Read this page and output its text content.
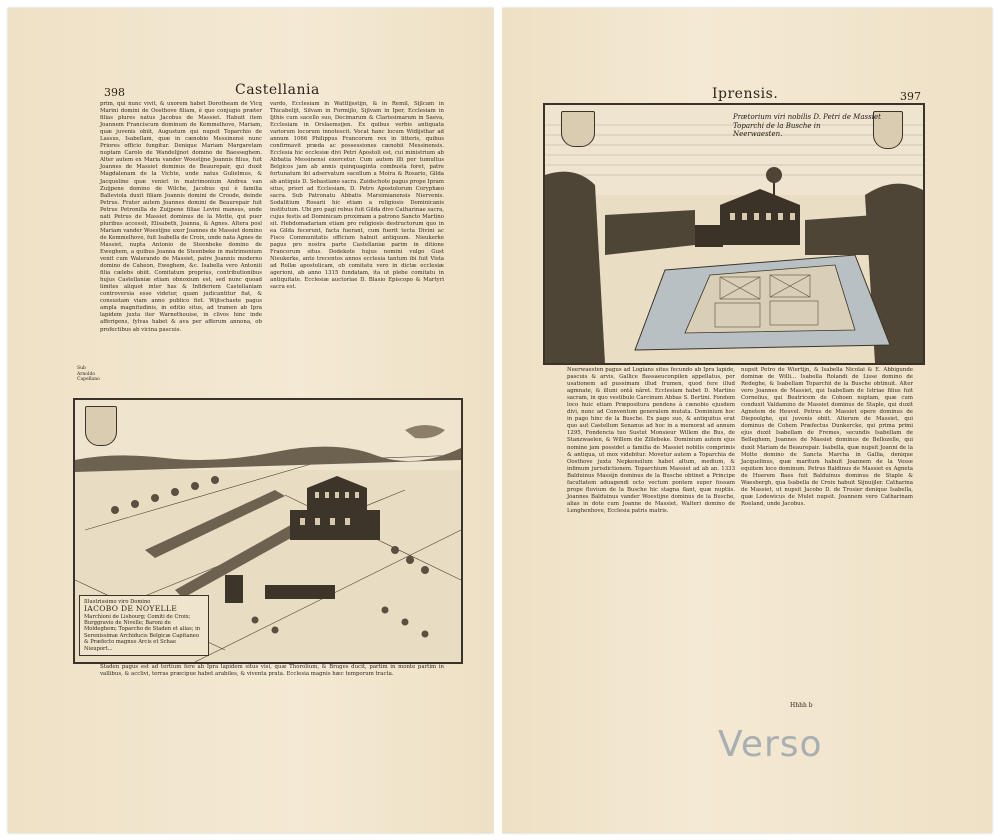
398	Castellania
prim, qui nunc vivit, & uxorem habet Dorotheam de Vicq Marini domini de Oosthove filiam, è quo conjugio præter filias plures natus Jacobus de Massiet. Habuit item Joannem Franciscum dominum de Kemmelhove, Mariam, quæ juvenis obiit, Augustum qui nupsit Toparchio de Lassus, Isabellam, quæ in cænobio Messinensi nunc Priores officio fungitur. Denique Mariam Margaretam nuptam Carolo de Wandelijnot domino de Baesseghem. Alter autem ex Maria vander Woestijne Joannis filius, fuit Joannes de Massiet dominus de Beaurepair, qui duxit Magdalenam de la Vichte, unde natus Gulielmus, & Jacqueline quæ veniet in matrimonium Andrea van Zuijpene domino de Wilche, Jacobus qui è familia Balleviola duxit filiam Joannis domini de Croode, deinde Petrus. Frater autem Joannes domini de Beaurepair fuit Petrus Petronilla de Zuijpene filiae Levini mansus, unde nati Petrus de Massiet dominus de la Motte, qui puer pluribus accessit, Elisabeth, Joanna, & Agnes. Altera posl Mariam vander Woestijne uxor Joannes de Massiet domino de Kemmelhove, fuit Isabella de Croix, unde nata Agnes de Massiet, nupta Antonio de Steenbeke domino de Eweghem, a quibus Joanna de Steenbeke in matrimonium venit cum Walerando de Massiet, patre Joannis moderno domino de Caheon, Eweghem, &c. Isabella vero Antoniii filia cælebs obiit. Comitatum proprius, contributionibus hujus Castellaniæ etiam obnoxium est, sed nunc quoad limites aliquot inter has & Infideriem Castellaniam controversia esse videtur, quam judicantitur fiat, & consustam viam anno publico fiet. Wijtschaete pagus ampla magnitudinis, in editio situs, ad tramen ab Ipra lapidem juxta iter Warnethouise, in clivos hinc inde afferigens, fylvas habet & ava per afferum annona, ob profectibus ab vicina pascuis.
vardo, Ecclesiam in Wattlijsstijn, & in Remil, Sijlcam in Thicabelijt, Silvam in Formijlo, Sijlvam in Iper, Ecclesiam in Ijthis cum sacello suo, Decimarum & Clarissimarum in Saeva, Ecclesiam in Orslaemsijen. Ex quibus verbis antiquata variorum locorum innotescit. Vocat hanc locum Widijsthar ad annum 1066 Philippus Francorum rex in litteris, quibus confirmavit præda ac possessiones cænobii Messinensis. Ecclesia hic ecclesiæ divi Petri Apostoli est, cui ministrium ab Abbatia Messinensi exercetur. Cum autem illi per tumultus Belgicos jam ab annis quinquaginta combusta foret, patre fortunatum ibi adservatum sacellum a Moira & Rosario, Gilda ab antiquis D. Sebastiano sacra. Zuidschote pagus prope Ipram situs, priori ad Ecclesiam, D. Petro Apostolorum Coryphæo sacra. Sub Patronatu Abbatis Marsimianensis Niervenis. Sodalitium Rosarii hic etiam a religiosis Dominicanis institutum. Ubi pro pagi rebus fuit Gilda divo Catharinae sacra, cujus festis ad Dominicam proximam a patrono Sancto Martino sit. Hebdomadariam etiam pro religiosis destructorum quo in ea Gilda fecerunt, facta fuerant, cum fuerit tecta Divini ac Fisco Communitatis officium habuit antiquum. Nieukerke pagus pro nostra parte Castellaniæ parim in ditione Francorum situs. Dodekote hujus nomini vulgo Gust Nieukerke, ante trecentos annos ecclesia tantum ibi fuit Vista ad Rollæ apostolicam, ob comitatu vero in dictæ ecclesiæ agerioni, ab anno 1315 fundatam, ita ut plebe comitatu in antiquitate. Ecclesiæ auctoriae D. Blasio Episcopo & Martyri sacra est.
Sub Arnoldo Capellano
Illustrissimo viro Domino
IACOBO DE NOYELLE
Marchioni de Lisbourg; Comiti de Croix; Burggravio de Nivelle; Baroni de Moldeghem; Toparcho de Staden et alias; in Serenissimæ Archiducis Belgicæ Capitaneo & Præfecto magnus Arcis et Schae Nieuport...
Staden pagus est ad tertium fere ab Ipra lapidem situs visi, quæ Thorolium, & Bruges ducit, partim in monte partim in vallibus, & acclivi, terras præcipue habet arabiles, & viventa prata. Ecclesia magnis hæc temporum tracta.
Iprensis.	397
Prætorium viri nobilis D. Petri de Massiet
Toparchi de la Busche in
Neerwaesten.
Neerwaesten pagus ad Logians situs fecundo ab Ipra lapide, pascuis & arvis, Gallice Bassaeuconpilen appellatus, per usationem ad pussimam illud frumen, quod fere illud agmnate, & illuni ontâ nâret. Ecclesiam habet D. Martino sacram, in quo vestibulo Carcinum Abbas S. Bertini. Fondem loco huic etiam Præpositura pendens à cænobio ejusdem divi, nunc ad Conventum generalem mutata. Dominium hoc in pago hinc de la Busche. Ex pago suo, & antiquitus erat quo aut Castellum Senanus ad hoc in a memorat ad annum 1295, Fondencia tuo Sustut Monsieur Willem die Bus, de Stanzwaelen, & Willem die Zillebeke. Dominium autem ejus nomine jam possidet a familia de Massiet nobilis comprimis & antiqua, ut mox videbitur. Movetur autem a Toparchia de Oosthove juxta Nepkeneilum habet altum, medium, & infimum jurisdictionem. Toparchium Massiet ad ab an. 1333 Balduinus Massijn dominus de la Busche obtinet a Principe facultatem aduagendi octo vectum pontem super fossam prope fluvium de la Busche hic stagna flant, quæ nuptiis. Joannes Balduinus vander Woestijne dominus de la Busche, alias in dote cum Joanne de Massiet, Walteri domino de Lenghenhove, Ecclesia patris matris.
nupsit Petro de Wiertijn, & Isabella Nicolai & E. Abbigunde dominæ de Willi... Isabella Rolandi de Lisse domino de Redeghe, & Isabellam Toparchii de la Busche obtinuit. Alter vero Joannes de Massiet, qui Isabellam de Istriae filius fuit Cornelius, qui Beatricem de Cohoen nuptam, quæ cum conduxit Valdamino de Massiet dominus de Staple, qui duxit Agnetem de Heuvel. Petrus de Massiet opere dominus de Diepoolghe, qui juvenis obiit. Alterum de Massiet, qui dominus de Cohem Præfectus Dunkercke, qui prima primi ejus duxit Isabellam de Fremes, secundis Isabellam de Belleghem, Joannes de Massiet dominus de Bellozelle, qui duxit Mariam de Beaurepair. Isabella, quæ nupsit Joanni de la Motte domino de Sancta Marcha in Gallia, denique Jacquelinus, quæ maritum habuit Joannem de la Vesse equitem loco dominum. Petrus Baldinus de Massiet ex Agneta de Huerem Baes fuit Balduinus dominus de Staple & Waesbergh, qua Isabella de Croix habuit Sijnuijler. Catharina de Massiet, ut nupsit Jacobo D. de Trosier denique Isabella, quæ Lodewicus de Mulet nupsit. Joannem vero Catharinam Roeland, unde Jacobus.
Hhhh b
Verso
